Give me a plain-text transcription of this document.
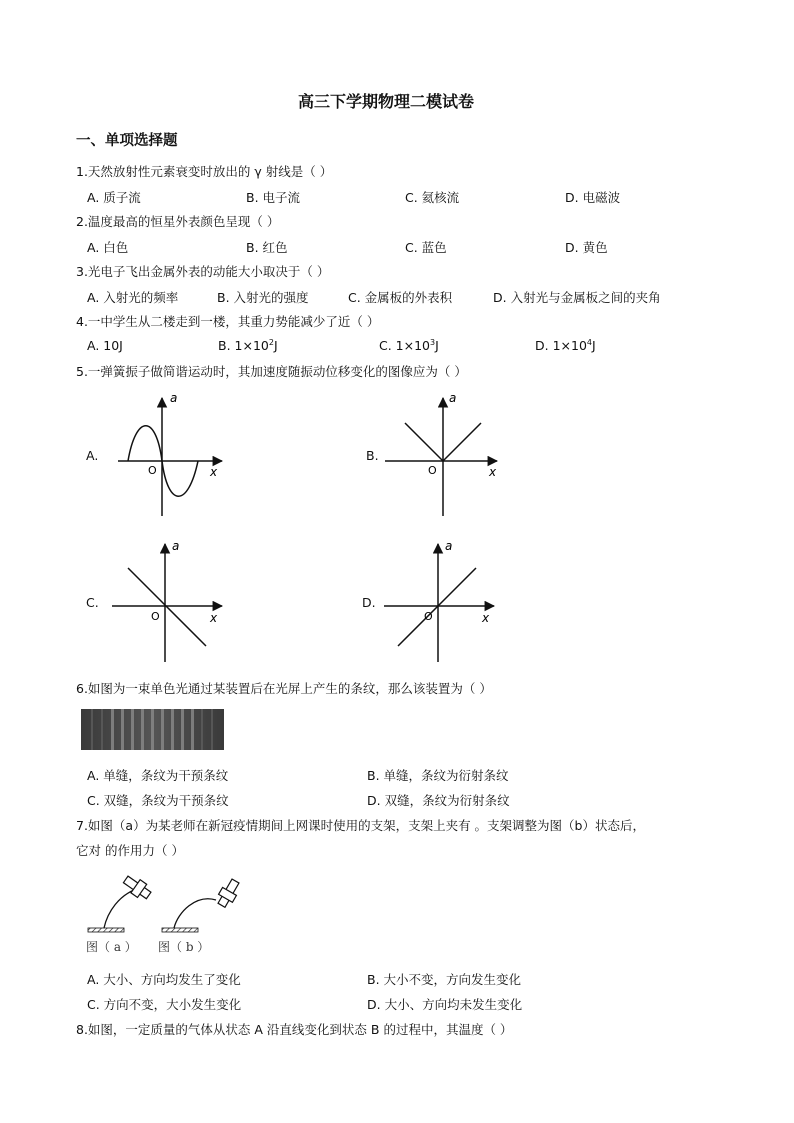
高三下学期物理二模试卷
一、单项选择题
1.天然放射性元素衰变时放出的 γ 射线是（ ）
A. 质子流	B. 电子流	C. 氦核流	D. 电磁波
2.温度最高的恒星外表颜色呈现（ ）
A. 白色	B. 红色	C. 蓝色	D. 黄色
3.光电子飞出金属外表的动能大小取决于（ ）
A. 入射光的频率	B. 入射光的强度	C. 金属板的外表积	D. 入射光与金属板之间的夹角
4.一中学生从二楼走到一楼，其重力势能减少了近（ ）
A. 10J	B. $1\times 10^2J$	C. $1\times 10^3J$	D. $1\times 10^4J$
5.一弹簧振子做简谐运动时，其加速度随振动位移变化的图像应为（ ）
A.
a
x
O
B.
a
x
O
C.
a
x
O
D.
a
x
O
6.如图为一束单色光通过某装置后在光屏上产生的条纹，那么该装置为（ ）
A. 单缝，条纹为干预条纹	B. 单缝，条纹为衍射条纹
C. 双缝，条纹为干预条纹	D. 双缝，条纹为衍射条纹
7.如图（a）为某老师在新冠疫情期间上网课时使用的支架，支架上夹有 。支架调整为图（b）状态后，
它对 的作用力（ ）
图（ a ） 图（ b ）
A. 大小、方向均发生了变化	B. 大小不变，方向发生变化
C. 方向不变，大小发生变化	D. 大小、方向均未发生变化
8.如图，一定质量的气体从状态 A 沿直线变化到状态 B 的过程中，其温度（ ）
